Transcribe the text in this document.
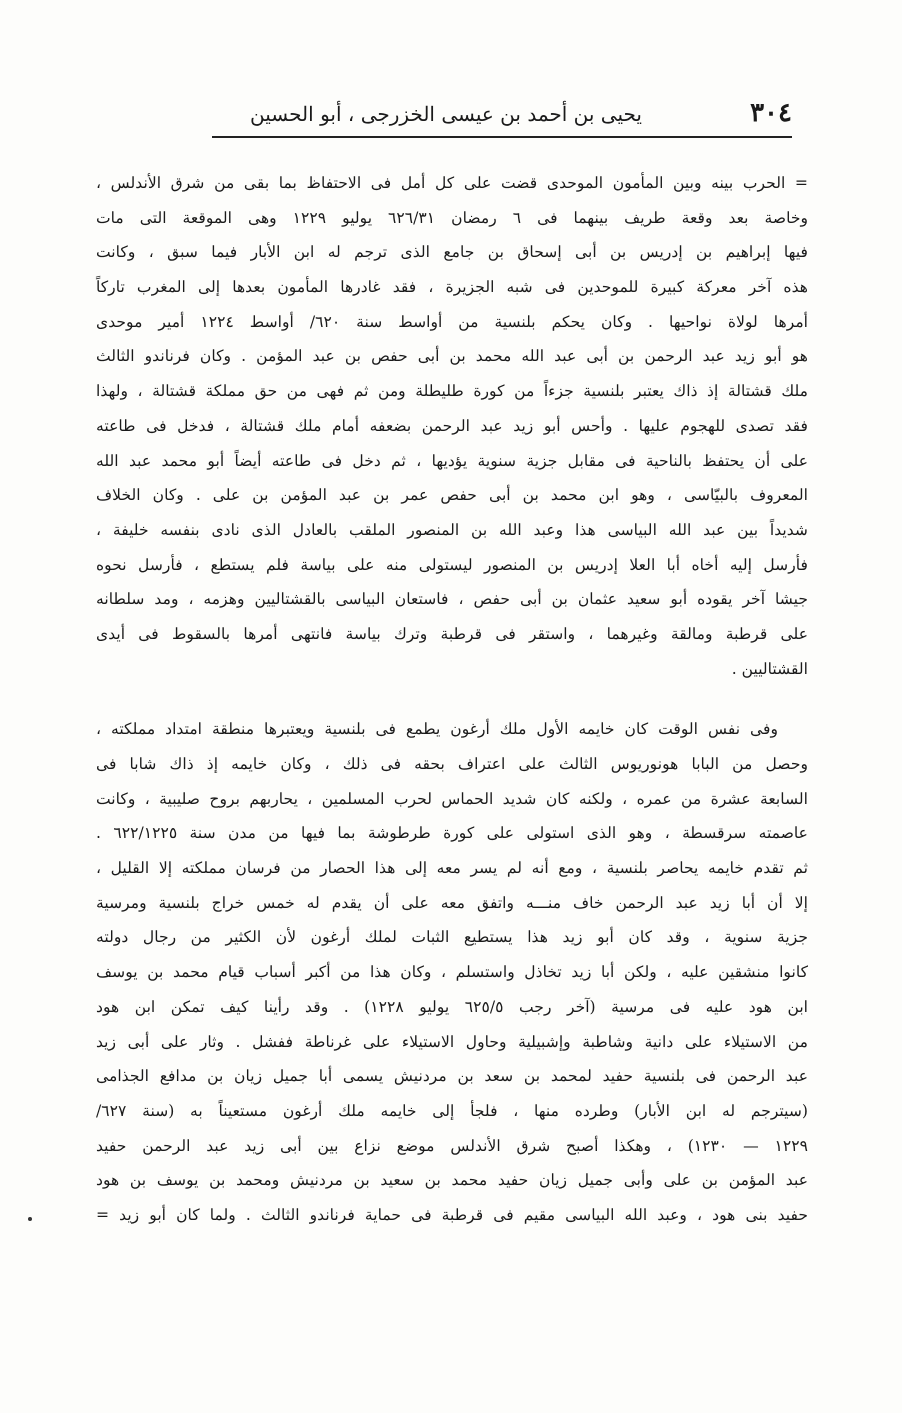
٣٠٤
يحيى بن أحمد بن عيسى الخزرجى ، أبو الحسين
= الحرب بينه وبين المأمون الموحدى قضت على كل أمل فى الاحتفاظ بما بقى من شرق الأندلس ،
وخاصة بعد وقعة طريف بينهما فى ٦ رمضان ٦٢٦/٣١ يوليو ١٢٢٩ وهى الموقعة التى مات
فيها إبراهيم بن إدريس بن أبى إسحاق بن جامع الذى ترجم له ابن الأبار فيما سبق ، وكانت
هذه آخر معركة كبيرة للموحدين فى شبه الجزيرة ، فقد غادرها المأمون بعدها إلى المغرب تاركاً
أمرها لولاة نواحيها . وكان يحكم بلنسية من أواسط سنة ٦٢٠/ أواسط ١٢٢٤ أمير موحدى
هو أبو زيد عبد الرحمن بن أبى عبد الله محمد بن أبى حفص بن عبد المؤمن . وكان فرناندو الثالث
ملك قشتالة إذ ذاك يعتبر بلنسية جزءاً من كورة طليطلة ومن ثم فهى من حق مملكة قشتالة ، ولهذا
فقد تصدى للهجوم عليها . وأحس أبو زيد عبد الرحمن بضعفه أمام ملك قشتالة ، فدخل فى طاعته
على أن يحتفظ بالناحية فى مقابل جزية سنوية يؤديها ، ثم دخل فى طاعته أيضاً أبو محمد عبد الله
المعروف بالبيّاسى ، وهو ابن محمد بن أبى حفص عمر بن عبد المؤمن بن على . وكان الخلاف
شديداً بين عبد الله البياسى هذا وعبد الله بن المنصور الملقب بالعادل الذى نادى بنفسه خليفة ،
فأرسل إليه أخاه أبا العلا إدريس بن المنصور ليستولى منه على بياسة فلم يستطع ، فأرسل نحوه
جيشا آخر يقوده أبو سعيد عثمان بن أبى حفص ، فاستعان البياسى بالقشتاليين وهزمه ، ومد سلطانه
على قرطبة ومالقة وغيرهما ، واستقر فى قرطبة وترك بياسة فانتهى أمرها بالسقوط فى أيدى
القشتاليين .
وفى نفس الوقت كان خايمه الأول ملك أرغون يطمع فى بلنسية ويعتبرها منطقة امتداد مملكته ،
وحصل من البابا هونوريوس الثالث على اعتراف بحقه فى ذلك ، وكان خايمه إذ ذاك شابا فى
السابعة عشرة من عمره ، ولكنه كان شديد الحماس لحرب المسلمين ، يحاربهم بروح صليبية ، وكانت
عاصمته سرقسطة ، وهو الذى استولى على كورة طرطوشة بما فيها من مدن سنة ٦٢٢/١٢٢٥ .
ثم تقدم خايمه يحاصر بلنسية ، ومع أنه لم يسر معه إلى هذا الحصار من فرسان مملكته إلا القليل ،
إلا أن أبا زيد عبد الرحمن خاف منـــه واتفق معه على أن يقدم له خمس خراج بلنسية ومرسية
جزية سنوية ، وقد كان أبو زيد هذا يستطيع الثبات لملك أرغون لأن الكثير من رجال دولته
كانوا منشقين عليه ، ولكن أبا زيد تخاذل واستسلم ، وكان هذا من أكبر أسباب قيام محمد بن يوسف
ابن هود عليه فى مرسية (آخر رجب ٦٢٥/٥ يوليو ١٢٢٨) . وقد رأينا كيف تمكن ابن هود
من الاستيلاء على دانية وشاطبة وإشبيلية وحاول الاستيلاء على غرناطة ففشل . وثار على أبى زيد
عبد الرحمن فى بلنسية حفيد لمحمد بن سعد بن مردنيش يسمى أبا جميل زيان بن مدافع الجذامى
(سيترجم له ابن الأبار) وطرده منها ، فلجأ إلى خايمه ملك أرغون مستعيناً به (سنة ٦٢٧/
١٢٢٩ — ١٢٣٠) ، وهكذا أصبح شرق الأندلس موضع نزاع بين أبى زيد عبد الرحمن حفيد
عبد المؤمن بن على وأبى جميل زيان حفيد محمد بن سعيد بن مردنيش ومحمد بن يوسف بن هود
حفيد بنى هود ، وعبد الله البياسى مقيم فى قرطبة فى حماية فرناندو الثالث . ولما كان أبو زيد =
